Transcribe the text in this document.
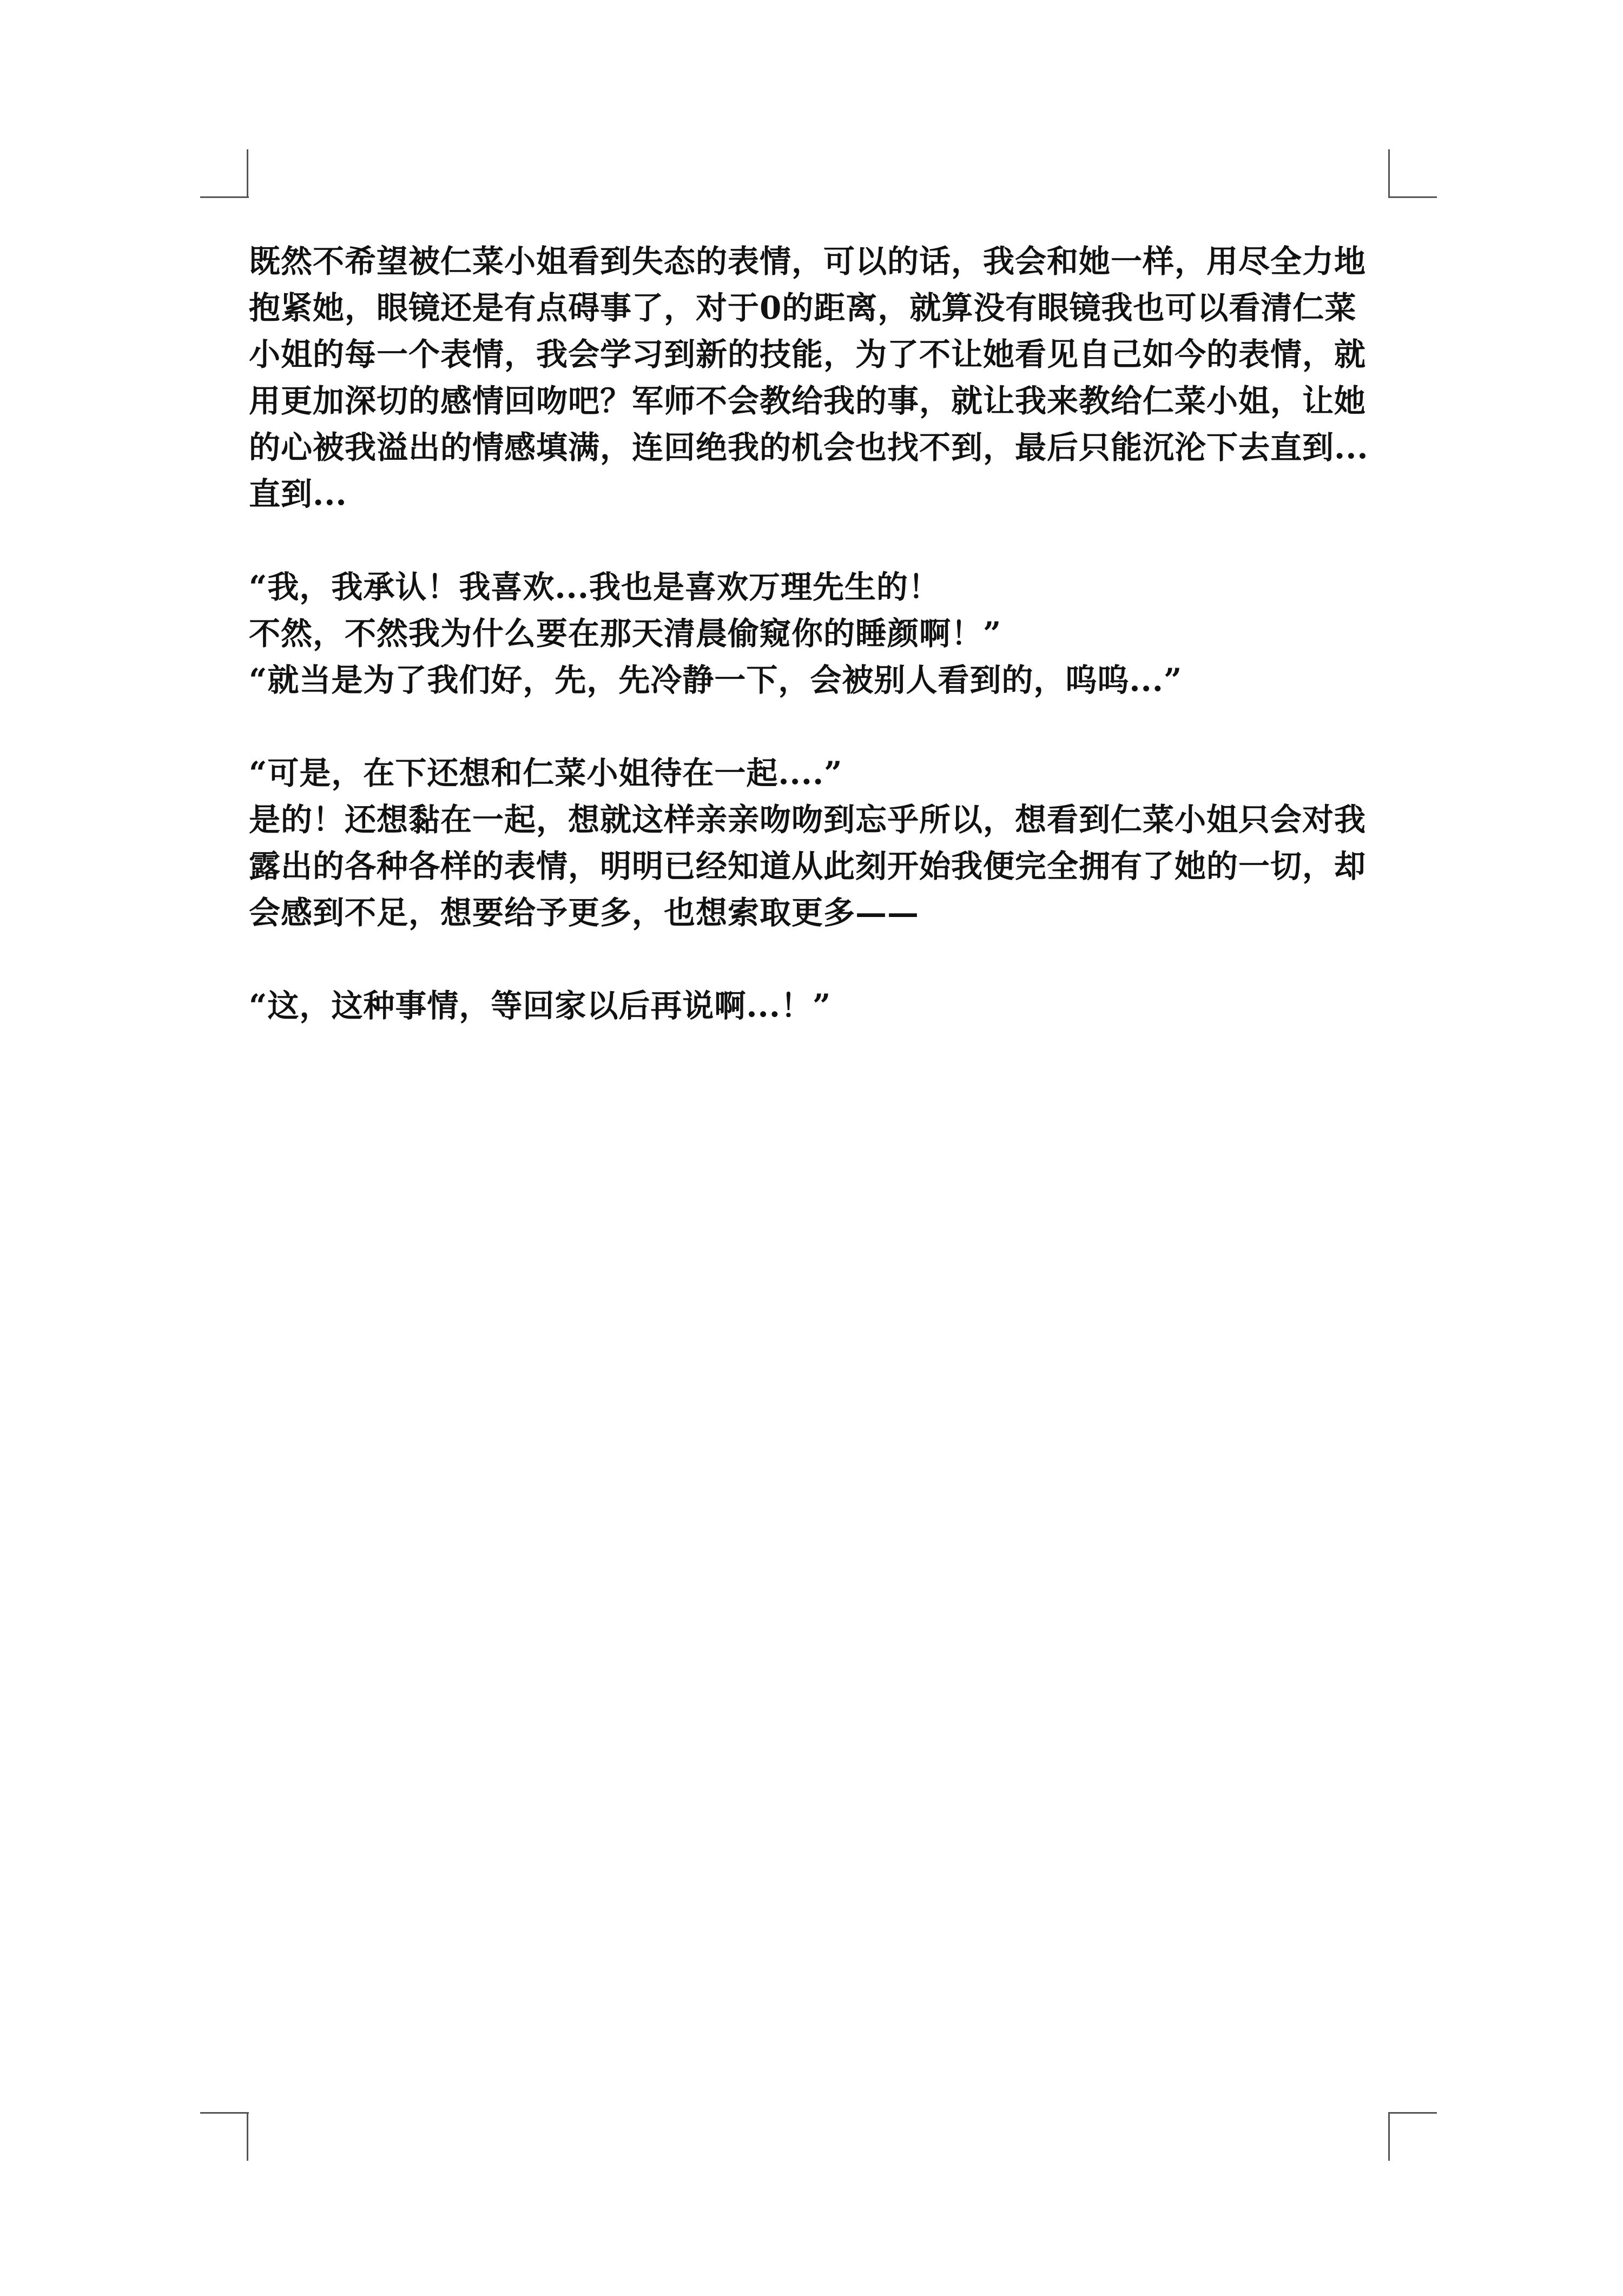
既然不希望被仁菜小姐看到失态的表情，可以的话，我会和她一样，用尽全力地
抱紧她，眼镜还是有点碍事了，对于0的距离，就算没有眼镜我也可以看清仁菜
小姐的每一个表情，我会学习到新的技能，为了不让她看见自己如今的表情，就
用更加深切的感情回吻吧？军师不会教给我的事，就让我来教给仁菜小姐，让她
的心被我溢出的情感填满，连回绝我的机会也找不到，最后只能沉沦下去直到...
直到...

“我，我承认！我喜欢...我也是喜欢万理先生的！
不然，不然我为什么要在那天清晨偷窥你的睡颜啊！”
“就当是为了我们好，先，先冷静一下，会被别人看到的，呜呜...”

“可是，在下还想和仁菜小姐待在一起....”
是的！还想黏在一起，想就这样亲亲吻吻到忘乎所以，想看到仁菜小姐只会对我
露出的各种各样的表情，明明已经知道从此刻开始我便完全拥有了她的一切，却
会感到不足，想要给予更多，也想索取更多——

“这，这种事情，等回家以后再说啊...！”
